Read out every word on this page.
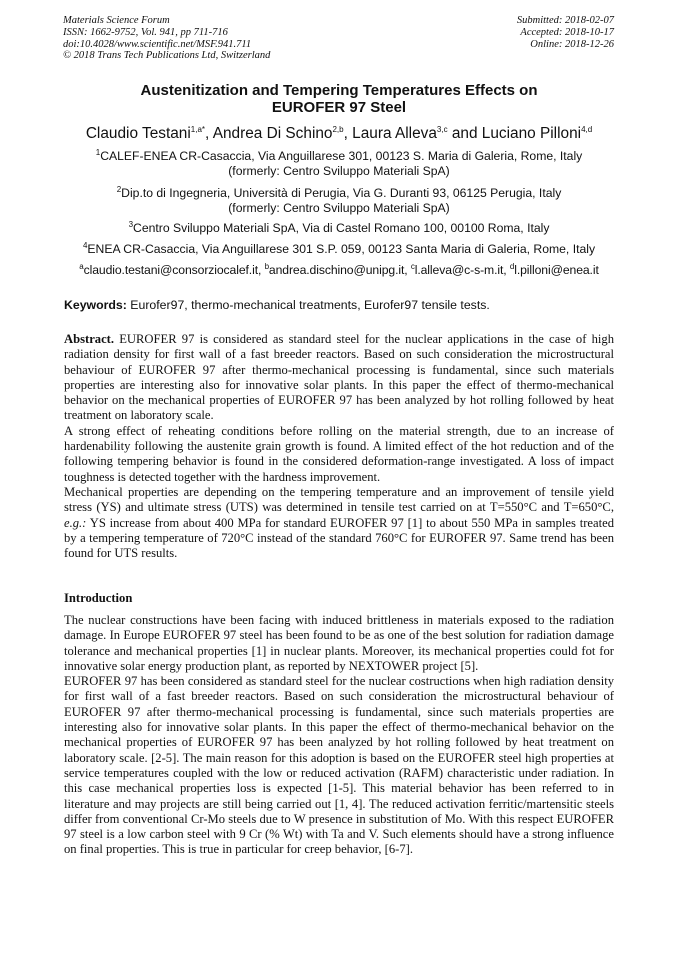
Materials Science Forum
ISSN: 1662-9752, Vol. 941, pp 711-716
doi:10.4028/www.scientific.net/MSF.941.711
© 2018 Trans Tech Publications Ltd, Switzerland
Submitted: 2018-02-07
Accepted: 2018-10-17
Online: 2018-12-26
Austenitization and Tempering Temperatures Effects on
EUROFER 97 Steel
Claudio Testani$^{1,a*}$, Andrea Di Schino$^{2,b}$, Laura Alleva$^{3,c}$ and Luciano Pilloni$^{4,d}$
$^1$CALEF-ENEA CR-Casaccia, Via Anguillarese 301, 00123 S. Maria di Galeria, Rome, Italy
(formerly: Centro Sviluppo Materiali SpA)
$^2$Dip.to di Ingegneria, Università di Perugia, Via G. Duranti 93, 06125 Perugia, Italy
(formerly: Centro Sviluppo Materiali SpA)
$^3$Centro Sviluppo Materiali SpA, Via di Castel Romano 100, 00100 Roma, Italy
$^4$ENEA CR-Casaccia, Via Anguillarese 301 S.P. 059, 00123 Santa Maria di Galeria, Rome, Italy
$^a$claudio.testani@consorziocalef.it, $^b$andrea.dischino@unipg.it, $^c$l.alleva@c-s-m.it, $^d$l.pilloni@enea.it
Keywords: Eurofer97, thermo-mechanical treatments, Eurofer97 tensile tests.

Abstract. EUROFER 97 is considered as standard steel for the nuclear applications in the case of high radiation density for first wall of a fast breeder reactors. Based on such consideration the microstructural behaviour of EUROFER 97 after thermo-mechanical processing is fundamental, since such materials properties are interesting also for innovative solar plants. In this paper the effect of thermo-mechanical behavior on the mechanical properties of EUROFER 97 has been analyzed by hot rolling followed by heat treatment on laboratory scale.

A strong effect of reheating conditions before rolling on the material strength, due to an increase of hardenability following the austenite grain growth is found. A limited effect of the hot reduction and of the following tempering behavior is found in the considered deformation-range investigated. A loss of impact toughness is detected together with the hardness improvement.

Mechanical properties are depending on the tempering temperature and an improvement of tensile yield stress (YS) and ultimate stress (UTS) was determined in tensile test carried on at T=550°C and T=650°C, e.g.: YS increase from about 400 MPa for standard EUROFER 97 [1] to about 550 MPa in samples treated by a tempering temperature of 720°C instead of the standard 760°C for EUROFER 97. Same trend has been found for UTS results.

Introduction

The nuclear constructions have been facing with induced brittleness in materials exposed to the radiation damage. In Europe EUROFER 97 steel has been found to be as one of the best solution for radiation damage tolerance and mechanical properties [1] in nuclear plants. Moreover, its mechanical properties could fot for innovative solar energy production plant, as reported by NEXTOWER project [5].

EUROFER 97 has been considered as standard steel for the nuclear costructions when high radiation density for first wall of a fast breeder reactors. Based on such consideration the microstructural behaviour of EUROFER 97 after thermo-mechanical processing is fundamental, since such materials properties are interesting also for innovative solar plants. In this paper the effect of thermo-mechanical behavior on the mechanical properties of EUROFER 97 has been analyzed by hot rolling followed by heat treatment on laboratory scale. [2-5]. The main reason for this adoption is based on the EUROFER steel high properties at service temperatures coupled with the low or reduced activation (RAFM) characteristic under radiation. In this case mechanical properties loss is expected [1-5]. This material behavior has been referred to in literature and may projects are still being carried out [1, 4]. The reduced activation ferritic/martensitic steels differ from conventional Cr-Mo steels due to W presence in substitution of Mo. With this respect EUROFER 97 steel is a low carbon steel with 9 Cr (% Wt) with Ta and V. Such elements should have a strong influence on final properties. This is true in particular for creep behavior, [6-7].
